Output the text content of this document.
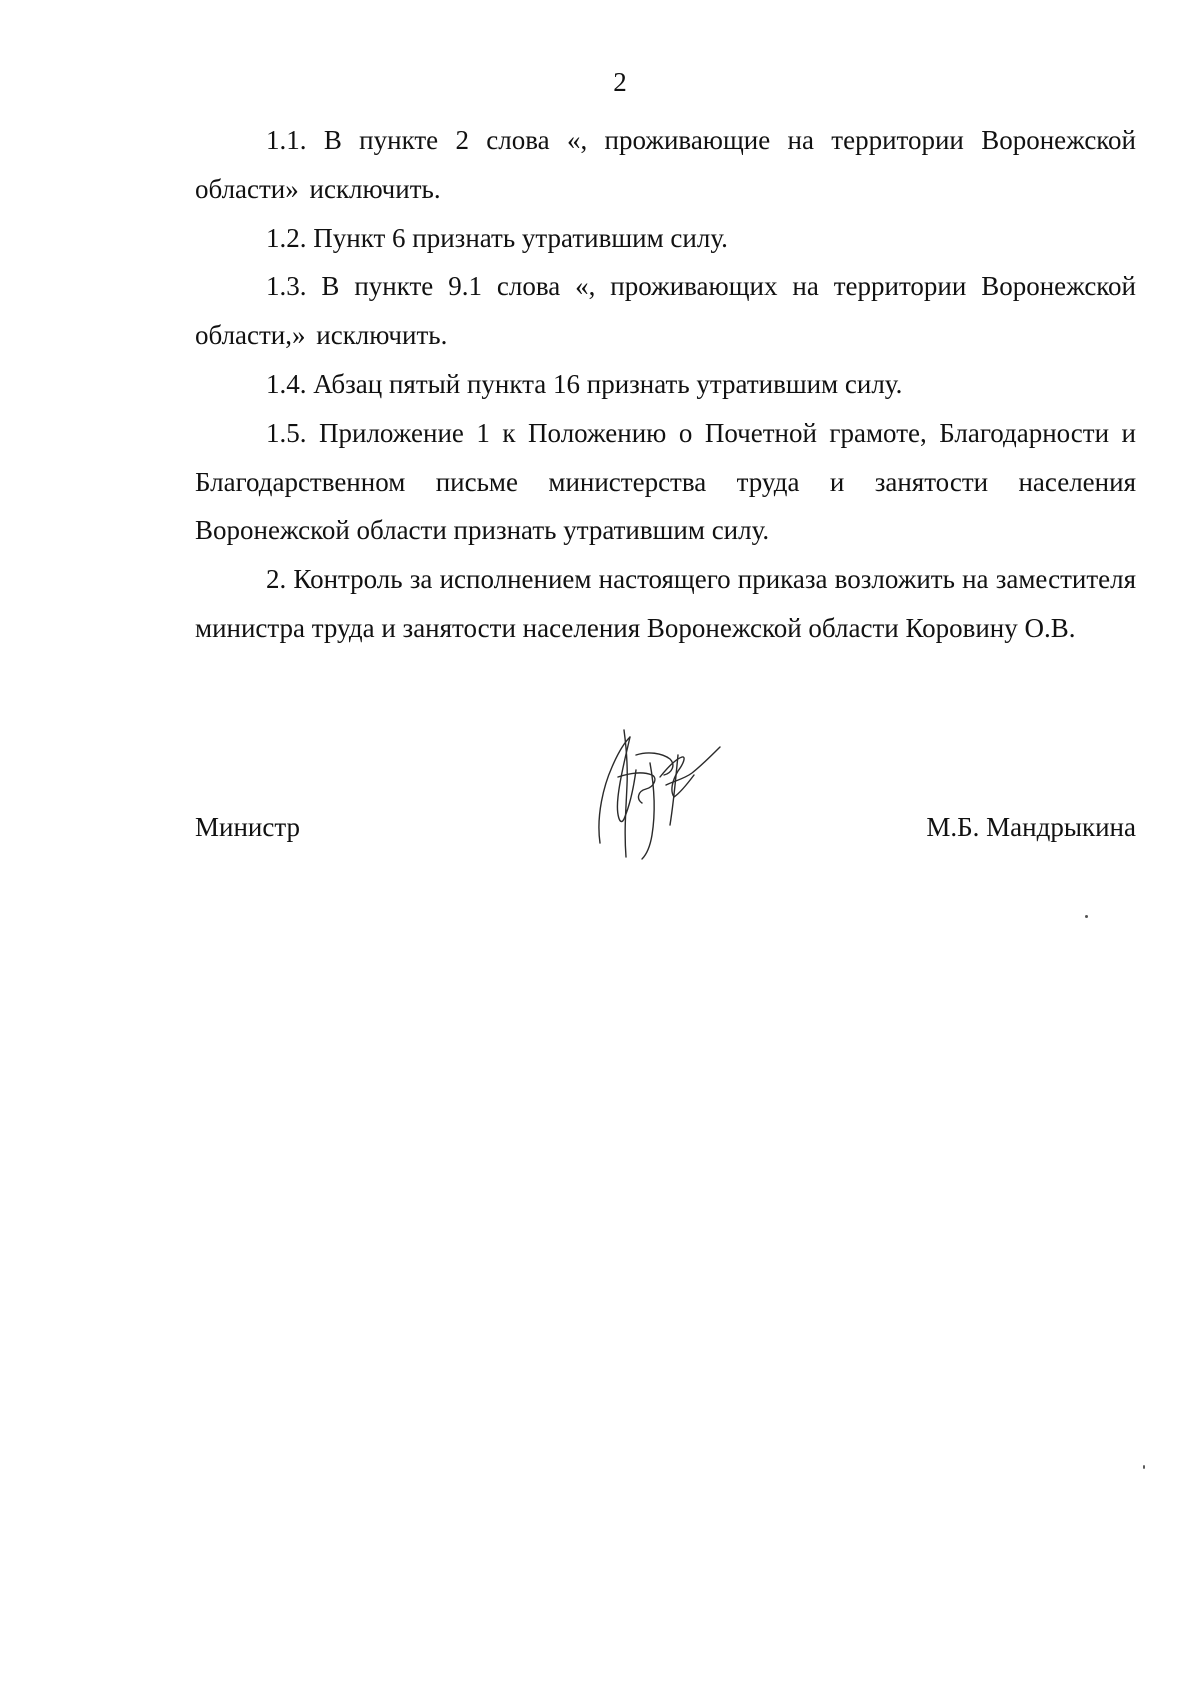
2

1.1. В пункте 2 слова «, проживающие на территории Воронежской области» исключить.

1.2. Пункт 6 признать утратившим силу.

1.3. В пункте 9.1 слова «, проживающих на территории Воронежской области,» исключить.

1.4. Абзац пятый пункта 16 признать утратившим силу.

1.5. Приложение 1 к Положению о Почетной грамоте, Благодарности и Благодарственном письме министерства труда и занятости населения Воронежской области признать утратившим силу.

2. Контроль за исполнением настоящего приказа возложить на заместителя министра труда и занятости населения Воронежской области Коровину О.В.

Министр	М.Б. Мандрыкина
